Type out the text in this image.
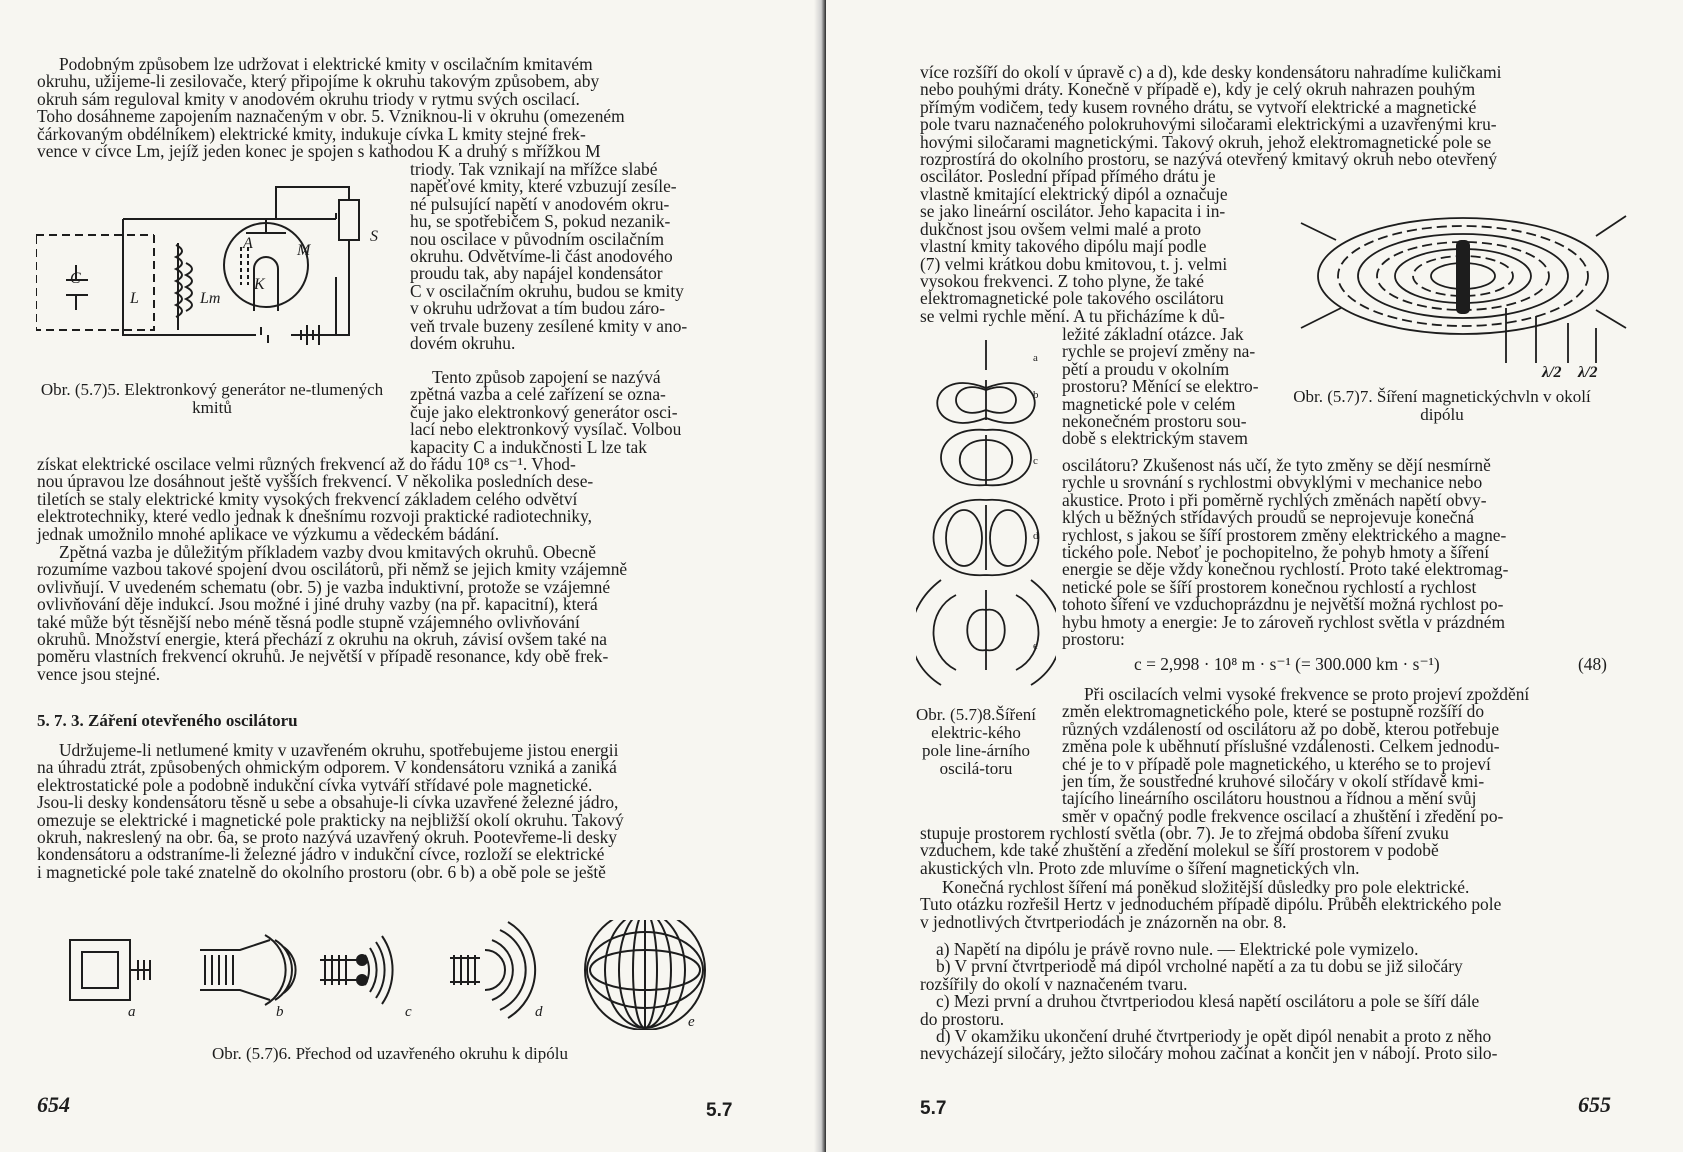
Podobným způsobem lze udržovat i elektrické kmity v oscilačním kmitavém
okruhu, užijeme-li zesilovače, který připojíme k okruhu takovým způsobem, aby
okruh sám reguloval kmity v anodovém okruhu triody v rytmu svých oscilací.
Toho dosáhneme zapojením naznačeným v obr. 5. Vzniknou-li v okruhu (omezeném
čárkovaným obdélníkem) elektrické kmity, indukuje cívka L kmity stejné frek-
vence v cívce Lm, jejíž jeden konec je spojen s kathodou K a druhý s mřížkou M
triody. Tak vznikají na mřížce slabé
napěťové kmity, které vzbuzují zesíle-
né pulsující napětí v anodovém okru-
hu, se spotřebičem S, pokud nezanik-
nou oscilace v původním oscilačním
okruhu. Odvětvíme-li část anodového
proudu tak, aby napájel kondensátor
C v oscilačním okruhu, budou se kmity
v okruhu udržovat a tím budou záro-
veň trvale buzeny zesílené kmity v ano-
dovém okruhu.
C
L	Lm
A	M
K
S
Obr. (5.7)5. Elektronkový generátor ne-tlumených kmitů
Tento způsob zapojení se nazývá
zpětná vazba a celé zařízení se ozna-
čuje jako elektronkový generátor osci-
lací nebo elektronkový vysílač. Volbou
kapacity C a indukčnosti L lze tak
získat elektrické oscilace velmi různých frekvencí až do řádu 10⁸ cs⁻¹. Vhod-
nou úpravou lze dosáhnout ještě vyšších frekvencí. V několika posledních dese-
tiletích se staly elektrické kmity vysokých frekvencí základem celého odvětví
elektrotechniky, které vedlo jednak k dnešnímu rozvoji praktické radiotechniky,
jednak umožnilo mnohé aplikace ve výzkumu a vědeckém bádání.
Zpětná vazba je důležitým příkladem vazby dvou kmitavých okruhů. Obecně
rozumíme vazbou takové spojení dvou oscilátorů, při němž se jejich kmity vzájemně
ovlivňují. V uvedeném schematu (obr. 5) je vazba induktivní, protože se vzájemné
ovlivňování děje indukcí. Jsou možné i jiné druhy vazby (na př. kapacitní), která
také může být těsnější nebo méně těsná podle stupně vzájemného ovlivňování
okruhů. Množství energie, která přechází z okruhu na okruh, závisí ovšem také na
poměru vlastních frekvencí okruhů. Je největší v případě resonance, kdy obě frek-
vence jsou stejné.

5. 7. 3. Záření otevřeného oscilátoru

Udržujeme-li netlumené kmity v uzavřeném okruhu, spotřebujeme jistou energii
na úhradu ztrát, způsobených ohmickým odporem. V kondensátoru vzniká a zaniká
elektrostatické pole a podobně indukční cívka vytváří střídavé pole magnetické.
Jsou-li desky kondensátoru těsně u sebe a obsahuje-li cívka uzavřené železné jádro,
omezuje se elektrické i magnetické pole prakticky na nejbližší okolí okruhu. Takový
okruh, nakreslený na obr. 6a, se proto nazývá uzavřený okruh. Pootevřeme-li desky
kondensátoru a odstraníme-li železné jádro v indukční cívce, rozloží se elektrické
i magnetické pole také znatelně do okolního prostoru (obr. 6 b) a obě pole se ještě
a	b	c	d
e

Obr. (5.7)6. Přechod od uzavřeného okruhu k dipólu

654	5.7

více rozšíří do okolí v úpravě c) a d), kde desky kondensátoru nahradíme kuličkami
nebo pouhými dráty. Konečně v případě e), kdy je celý okruh nahrazen pouhým
přímým vodičem, tedy kusem rovného drátu, se vytvoří elektrické a magnetické
pole tvaru naznačeného polokruhovými siločarami elektrickými a uzavřenými kru-
hovými siločarami magnetickými. Takový okruh, jehož elektromagnetické pole se
rozprostírá do okolního prostoru, se nazývá otevřený kmitavý okruh nebo otevřený
oscilátor. Poslední případ přímého drátu je
vlastně kmitající elektrický dipól a označuje
se jako lineární oscilátor. Jeho kapacita i in-
dukčnost jsou ovšem velmi malé a proto
vlastní kmity takového dipólu mají podle
(7) velmi krátkou dobu kmitovou, t. j. velmi
vysokou frekvenci. Z toho plyne, že také
elektromagnetické pole takového oscilátoru
se velmi rychle mění. A tu přicházíme k dů-
ležité základní otázce. Jak
rychle se projeví změny na-
pětí a proudu v okolním
prostoru? Měnící se elektro-
magnetické pole v celém
nekonečném prostoru sou-
době s elektrickým stavem
oscilátoru? Zkušenost nás učí, že tyto změny se dějí nesmírně
rychle u srovnání s rychlostmi obvyklými v mechanice nebo
akustice. Proto i při poměrně rychlých změnách napětí obvy-
klých u běžných střídavých proudů se neprojevuje konečná
rychlost, s jakou se šíří prostorem změny elektrického a magne-
tického pole. Neboť je pochopitelno, že pohyb hmoty a šíření
energie se děje vždy konečnou rychlostí. Proto také elektromag-
netické pole se šíří prostorem konečnou rychlostí a rychlost
tohoto šíření ve vzduchoprázdnu je největší možná rychlost po-
hybu hmoty a energie: Je to zároveň rychlost světla v prázdném
prostoru:
λ/2 λ/2
Obr. (5.7)7. Šíření magnetickýchvln v okolí dipólu
a
b
c
d
e

c = 2,998 · 10⁸ m · s⁻¹ (= 300.000 km · s⁻¹)	(48)

Obr. (5.7)8.Šíření elektric-kého pole line-árního oscilá-toru
Při oscilacích velmi vysoké frekvence se proto projeví zpoždění
změn elektromagnetického pole, které se postupně rozšíří do
různých vzdáleností od oscilátoru až po době, kterou potřebuje
změna pole k uběhnutí příslušné vzdálenosti. Celkem jednodu-
ché je to v případě pole magnetického, u kterého se to projeví
jen tím, že soustředné kruhové siločáry v okolí střídavě kmi-
tajícího lineárního oscilátoru houstnou a řídnou a mění svůj
směr v opačný podle frekvence oscilací a zhuštění i zředění po-
stupuje prostorem rychlostí světla (obr. 7). Je to zřejmá obdoba šíření zvuku
vzduchem, kde také zhuštění a zředění molekul se šíří prostorem v podobě
akustických vln. Proto zde mluvíme o šíření magnetických vln.
Konečná rychlost šíření má poněkud složitější důsledky pro pole elektrické.
Tuto otázku rozřešil Hertz v jednoduchém případě dipólu. Průběh elektrického pole
v jednotlivých čtvrtperiodách je znázorněn na obr. 8.
a) Napětí na dipólu je právě rovno nule. — Elektrické pole vymizelo.
b) V první čtvrtperiodě má dipól vrcholné napětí a za tu dobu se již siločáry
rozšířily do okolí v naznačeném tvaru.
c) Mezi první a druhou čtvrtperiodou klesá napětí oscilátoru a pole se šíří dále
do prostoru.
d) V okamžiku ukončení druhé čtvrtperiody je opět dipól nenabit a proto z něho
nevycházejí siločáry, ježto siločáry mohou začínat a končit jen v nábojí. Proto silo-

5.7	655
